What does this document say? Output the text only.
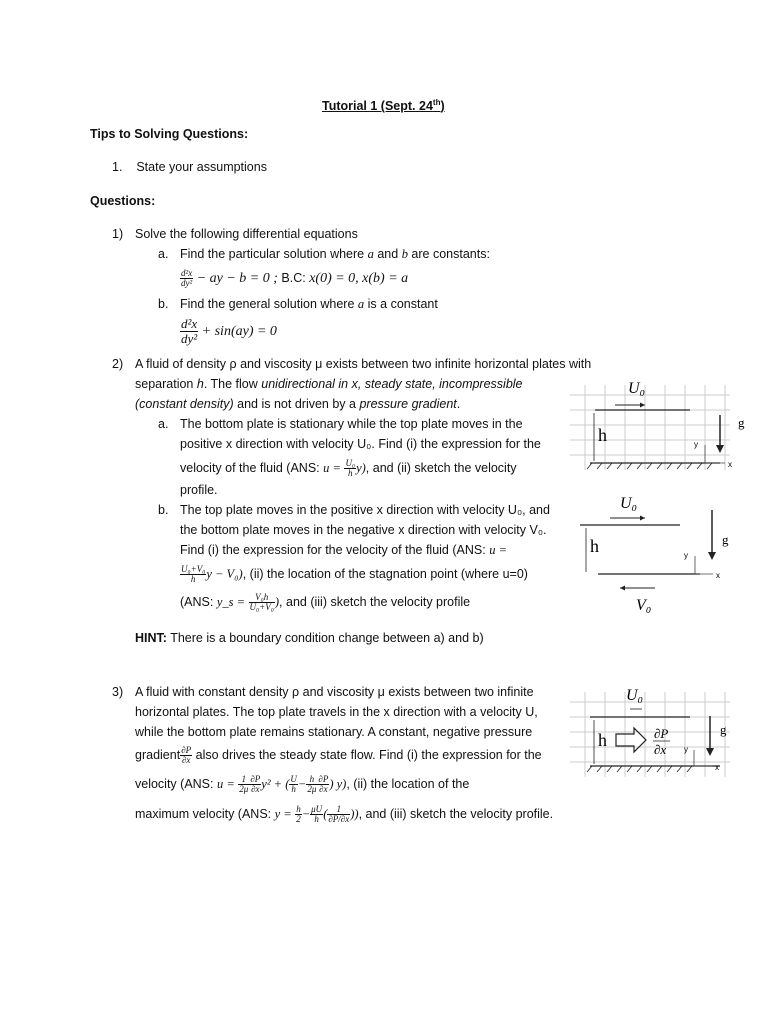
Tutorial 1 (Sept. 24th)
Tips to Solving Questions:
1. State your assumptions
Questions:
1) Solve the following differential equations
a. Find the particular solution where a and b are constants:
$\frac{\text{d²x}}{\text{dy²}}$ − ay − b = 0 ; B.C: x(0) = 0, x(b) = a
b. Find the general solution where a is a constant
$\frac{\text{d²x}}{\text{dy²}} + \sin(ay) = 0$
2) A fluid of density ρ and viscosity μ exists between two infinite horizontal plates with
separation h. The flow unidirectional in x, steady state, incompressible
(constant density) and is not driven by a pressure gradient.
a. The bottom plate is stationary while the top plate moves in the
positive x direction with velocity U₀. Find (i) the expression for the
velocity of the fluid (ANS: $u = \frac{\text{U₀}}{h} y$), and (ii) sketch the velocity
profile.
b. The top plate moves in the positive x direction with velocity U₀, and
the bottom plate moves in the negative x direction with velocity V₀.
Find (i) the expression for the velocity of the fluid (ANS: u =
$\frac{\text{U₀+V₀}}{h}$ y − V₀), (ii) the location of the stagnation point (where u=0)
(ANS: y_s = $\frac{\text{V₀h}}{\text{U₀+V₀}}$ ), and (iii) sketch the velocity profile
HINT: There is a boundary condition change between a) and b)
3) A fluid with constant density ρ and viscosity μ exists between two infinite
horizontal plates. The top plate travels in the x direction with a velocity U,
while the bottom plate remains stationary. A constant, negative pressure
gradient $\frac{\partial P}{\partial x}$ also drives the steady state flow. Find (i) the expression for the
velocity (ANS: $u = \frac{1}{2\mu} \frac{\partial P}{\partial x} y^2$ + ( $\frac{U}{h} - \frac{h}{2\mu} \frac{\partial P}{\partial x}$ ) y), (ii) the location of the
maximum velocity (ANS: $y = \frac{h}{2} - \frac{\mu U}{h}$ ( $\frac{1}{\partial P/\partial x}$ )), and (iii) sketch the velocity profile.
h
U₀
g
y
x
U₀
h
V₀
g
y
x
U₀
h	∂P
∂x
g
y
x
